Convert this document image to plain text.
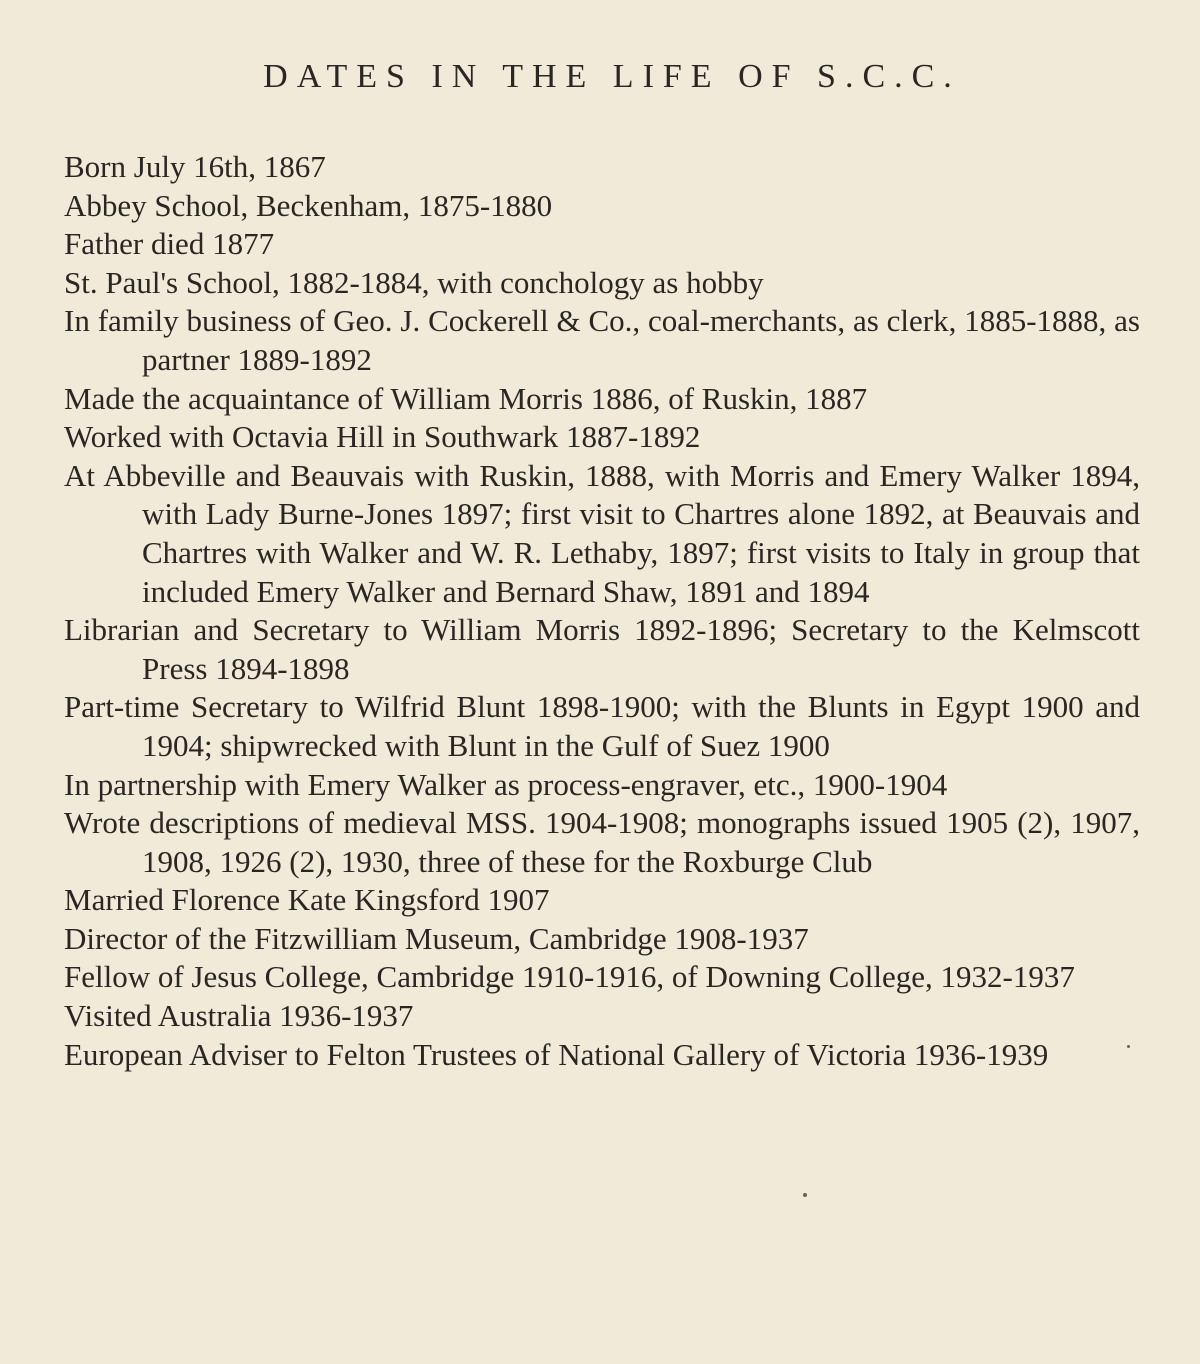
DATES IN THE LIFE OF S.C.C.
Born July 16th, 1867
Abbey School, Beckenham, 1875-1880
Father died 1877
St. Paul's School, 1882-1884, with conchology as hobby
In family business of Geo. J. Cockerell & Co., coal-merchants, as clerk, 1885-1888, as partner 1889-1892
Made the acquaintance of William Morris 1886, of Ruskin, 1887
Worked with Octavia Hill in Southwark 1887-1892
At Abbeville and Beauvais with Ruskin, 1888, with Morris and Emery Walker 1894, with Lady Burne-Jones 1897; first visit to Chartres alone 1892, at Beauvais and Chartres with Walker and W. R. Lethaby, 1897; first visits to Italy in group that included Emery Walker and Bernard Shaw, 1891 and 1894
Librarian and Secretary to William Morris 1892-1896; Secretary to the Kelmscott Press 1894-1898
Part-time Secretary to Wilfrid Blunt 1898-1900; with the Blunts in Egypt 1900 and 1904; shipwrecked with Blunt in the Gulf of Suez 1900
In partnership with Emery Walker as process-engraver, etc., 1900-1904
Wrote descriptions of medieval MSS. 1904-1908; monographs issued 1905 (2), 1907, 1908, 1926 (2), 1930, three of these for the Roxburge Club
Married Florence Kate Kingsford 1907
Director of the Fitzwilliam Museum, Cambridge 1908-1937
Fellow of Jesus College, Cambridge 1910-1916, of Downing College, 1932-1937
Visited Australia 1936-1937
European Adviser to Felton Trustees of National Gallery of Victoria 1936-1939
